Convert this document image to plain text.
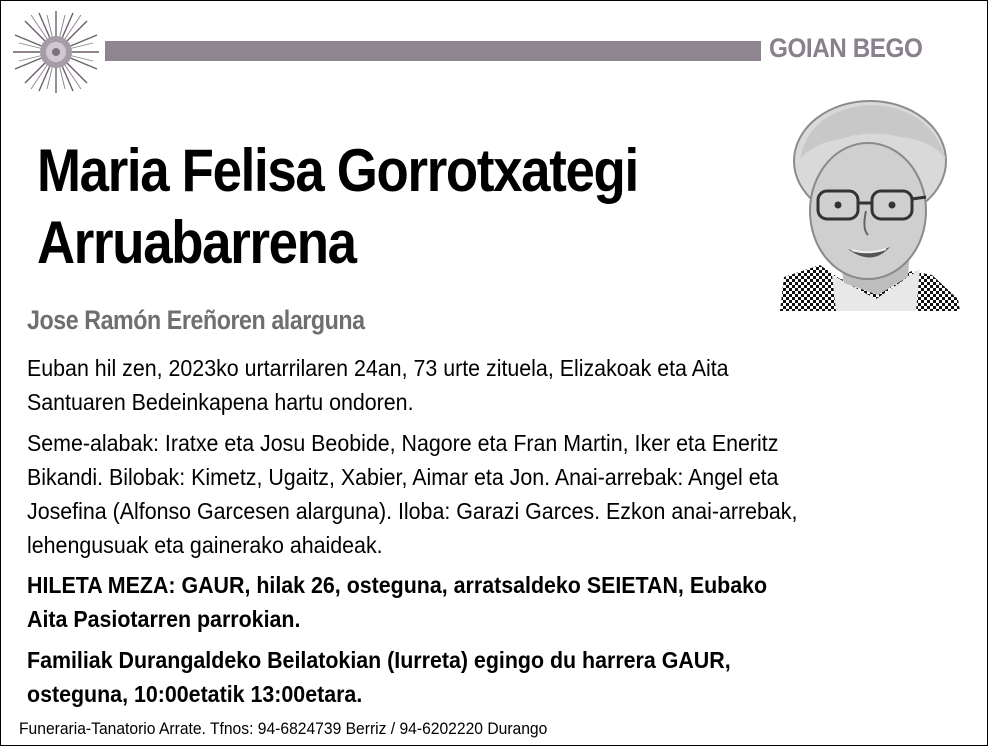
GOIAN BEGO
Maria Felisa Gorrotxategi
Arruabarrena
Jose Ramón Ereñoren alarguna
Euban hil zen, 2023ko urtarrilaren 24an, 73 urte zituela, Elizakoak eta Aita
Santuaren Bedeinkapena hartu ondoren.
Seme-alabak: Iratxe eta Josu Beobide, Nagore eta Fran Martin, Iker eta Eneritz
Bikandi. Bilobak: Kimetz, Ugaitz, Xabier, Aimar eta Jon. Anai-arrebak: Angel eta
Josefina (Alfonso Garcesen alarguna). Iloba: Garazi Garces. Ezkon anai-arrebak,
lehengusuak eta gainerako ahaideak.
HILETA MEZA: GAUR, hilak 26, osteguna, arratsaldeko SEIETAN, Eubako
Aita Pasiotarren parrokian.
Familiak Durangaldeko Beilatokian (Iurreta) egingo du harrera GAUR,
osteguna, 10:00etatik 13:00etara.
Funeraria-Tanatorio Arrate. Tfnos: 94-6824739 Berriz / 94-6202220 Durango
